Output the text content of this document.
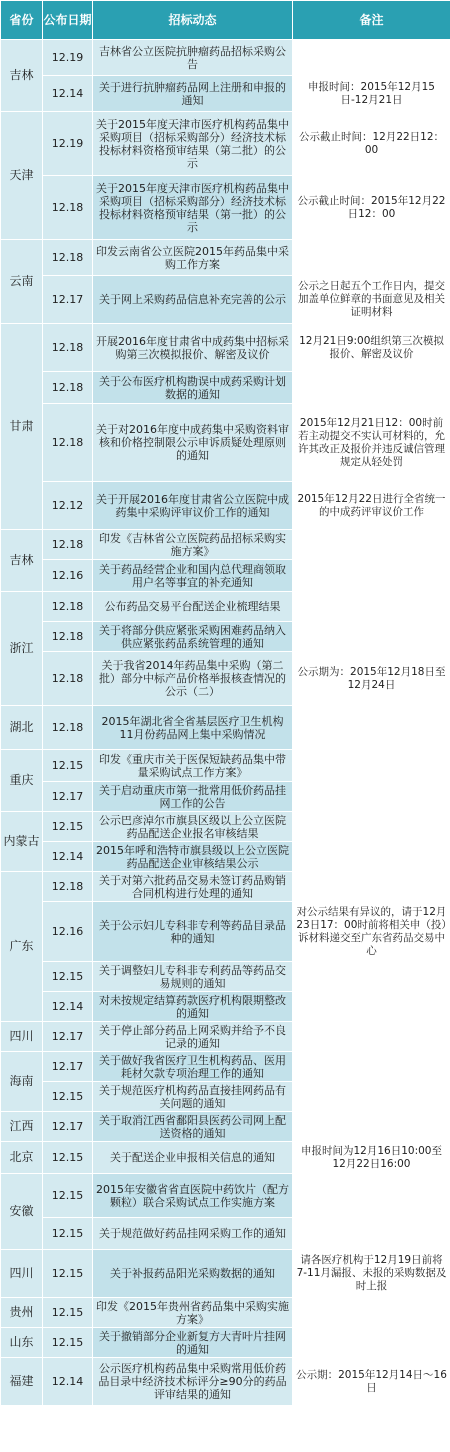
省份	公布日期	招标动态	备注
吉林	12.19	吉林省公立医院抗肿瘤药品招标采购公告	
	12.14	关于进行抗肿瘤药品网上注册和申报的通知	申报时间：2015年12月15日-12月21日
天津	12.19	关于2015年度天津市医疗机构药品集中采购项目（招标采购部分）经济技术标投标材料资格预审结果（第二批）的公示	公示截止时间：12月22日12：00
	12.18	关于2015年度天津市医疗机构药品集中采购项目（招标采购部分）经济技术标投标材料资格预审结果（第一批）的公示	公示截止时间：2015年12月22日12：00
云南	12.18	印发云南省公立医院2015年药品集中采购工作方案	
	12.17	关于网上采购药品信息补充完善的公示	公示之日起五个工作日内，提交加盖单位鲜章的书面意见及相关证明材料
甘肃	12.18	开展2016年度甘肃省中成药集中招标采购第三次模拟报价、解密及议价	12月21日9:00组织第三次模拟报价、解密及议价
	12.18	关于公布医疗机构勘误中成药采购计划数据的通知	
	12.18	关于对2016年度中成药集中采购资料审核和价格控制限公示申诉质疑处理原则的通知	2015年12月21日12：00时前若主动提交不实认可材料的，允许其改正及报价并违反诚信管理规定从轻处罚
	12.12	关于开展2016年度甘肃省公立医院中成药集中采购评审议价工作的通知	2015年12月22日进行全省统一的中成药评审议价工作
吉林	12.18	印发《吉林省公立医院药品招标采购实施方案》	
	12.16	关于药品经营企业和国内总代理商领取用户名等事宜的补充通知	
浙江	12.18	公布药品交易平台配送企业梳理结果	
	12.18	关于将部分供应紧张采购困难药品纳入供应紧张药品系统管理的通知	
	12.18	关于我省2014年药品集中采购（第二批）部分中标产品价格举报核查情况的公示（二）	公示期为：2015年12月18日至12月24日
湖北	12.18	2015年湖北省全省基层医疗卫生机构11月份药品网上集中采购情况	
重庆	12.15	印发《重庆市关于医保短缺药品集中带量采购试点工作方案》	
	12.17	关于启动重庆市第一批常用低价药品挂网工作的公告	
内蒙古	12.15	公示巴彦淖尔市旗县区级以上公立医院药品配送企业报名审核结果	
	12.14	2015年呼和浩特市旗县级以上公立医院药品配送企业审核结果公示	
广东	12.18	关于对第六批药品交易未签订药品购销合同机构进行处理的通知	
	12.16	关于公示妇儿专科非专利等药品目录品种的通知	对公示结果有异议的，请于12月23日17：00时前将相关申（投）诉材料递交至广东省药品交易中心
	12.15	关于调整妇儿专科非专利药品等药品交易规则的通知	
	12.14	对未按规定结算药款医疗机构限期整改的通知	
四川	12.17	关于停止部分药品上网采购并给予不良记录的通知	
海南	12.17	关于做好我省医疗卫生机构药品、医用耗材欠款专项治理工作的通知	
	12.15	关于规范医疗机构药品直接挂网药品有关问题的通知	
江西	12.17	关于取消江西省鄱阳县医药公司网上配送资格的通知	
北京	12.15	关于配送企业申报相关信息的通知	申报时间为12月16日10:00至12月22日16:00
安徽	12.15	2015年安徽省省直医院中药饮片（配方颗粒）联合采购试点工作实施方案	
	12.15	关于规范做好药品挂网采购工作的通知	
四川	12.15	关于补报药品阳光采购数据的通知	请各医疗机构于12月19日前将7-11月漏报、未报的采购数据及时上报
贵州	12.15	印发《2015年贵州省药品集中采购实施方案》	
山东	12.15	关于撤销部分企业新复方大青叶片挂网的通知	
福建	12.14	公示医疗机构药品集中采购常用低价药品目录中经济技术标评分≥90分的药品评审结果的通知	公示期：2015年12月14日～16日
